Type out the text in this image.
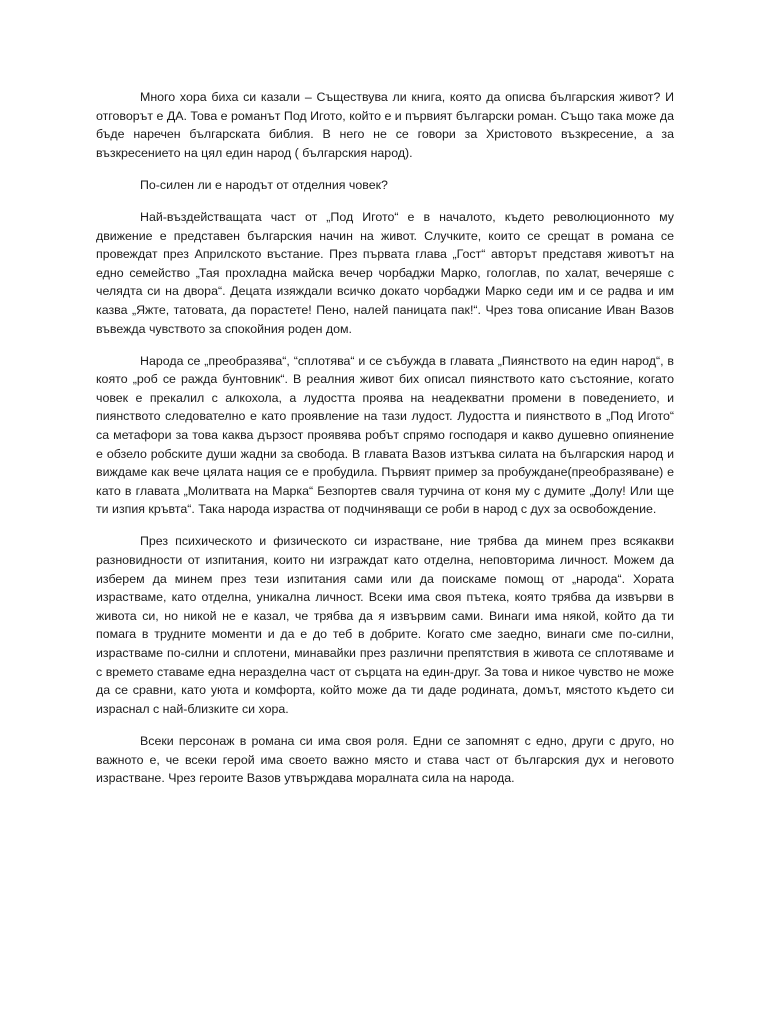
Много хора биха си казали – Съществува ли книга, която да описва българския живот? И отговорът е ДА. Това е романът Под Игото, който е и първият български роман. Също така може да бъде наречен българската библия. В него не се говори за Христовото възкресение, а за възкресението на цял един народ ( българския народ).

По-силен ли е народът от отделния човек?

Най-въздействащата част от „Под Игото“ е в началото, където революционното му движение е представен българския начин на живот. Случките, които се срещат в романа се провеждат през Априлското въстание. През първата глава „Гост“ авторът представя животът на едно семейство „Тая прохладна майска вечер чорбаджи Марко, гологлав, по халат, вечеряше с челядта си на двора“. Децата изяждали всичко докато чорбаджи Марко седи им и се радва и им казва „Яжте, татовата, да порастете! Пено, налей паницата пак!“. Чрез това описание Иван Вазов въвежда чувството за спокойния роден дом.

Народа се „преобразява“, “сплотява“ и се събужда в главата „Пиянството на един народ“, в която „роб се ражда бунтовник“. В реалния живот бих описал пиянството като състояние, когато човек е прекалил с алкохола, а лудостта проява на неадекватни промени в поведението, и пиянството следователно е като проявление на тази лудост. Лудостта и пиянството в „Под Игото“ са метафори за това каква дързост проявява робът спрямо господаря и какво душевно опиянение е обзело робските души жадни за свобода. В главата Вазов изтъква силата на българския народ и виждаме как вече цялата нация се е пробудила. Първият пример за пробуждане(преобразяване) е като в главата „Молитвата на Марка“ Безпортев сваля турчина от коня му с думите „Долу! Или ще ти изпия кръвта“. Така народа израства от подчиняващи се роби в народ с дух за освобождение.

През психическото и физическото си израстване, ние трябва да минем през всякакви разновидности от изпитания, които ни изграждат като отделна, неповторима личност. Можем да изберем да минем през тези изпитания сами или да поискаме помощ от „народа“. Хората израстваме, като отделна, уникална личност. Всеки има своя пътека, която трябва да извърви в живота си, но никой не е казал, че трябва да я извървим сами. Винаги има някой, който да ти помага в трудните моменти и да е до теб в добрите. Когато сме заедно, винаги сме по-силни, израстваме по-силни и сплотени, минавайки през различни препятствия в живота се сплотяваме и с времето ставаме една неразделна част от сърцата на един-друг. За това и никое чувство не може да се сравни, като уюта и комфорта, който може да ти даде родината, домът, мястото където си израснал с най-близките си хора.

Всеки персонаж в романа си има своя роля. Едни се запомнят с едно, други с друго, но важното е, че всеки герой има своето важно място и става част от българския дух и неговото израстване. Чрез героите Вазов утвърждава моралната сила на народа.
